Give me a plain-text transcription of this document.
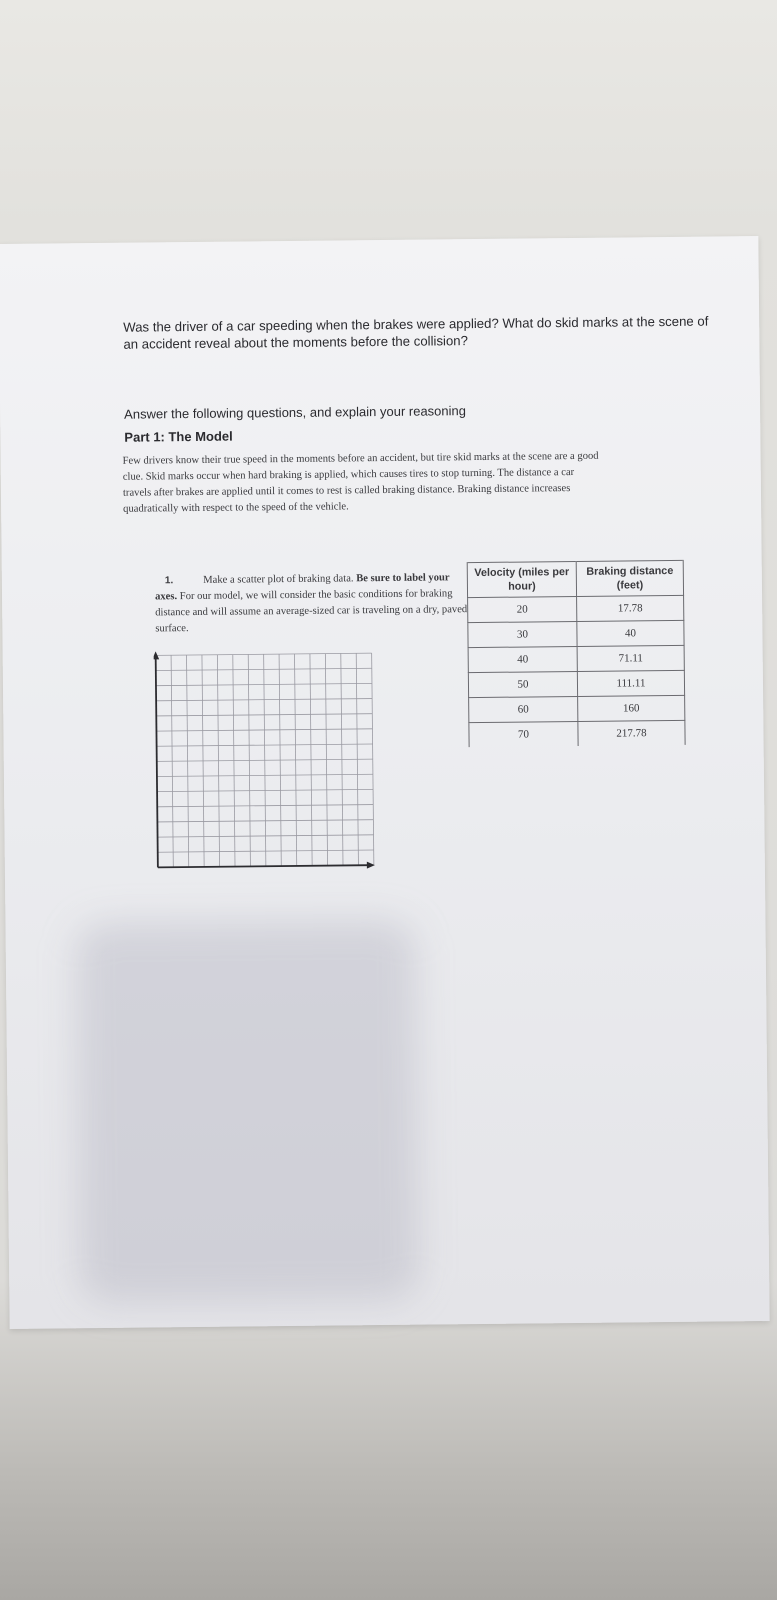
Was the driver of a car speeding when the brakes were applied? What do skid marks at the scene of an accident reveal about the moments before the collision?
Answer the following questions, and explain your reasoning
Part 1: The Model
Few drivers know their true speed in the moments before an accident, but tire skid marks at the scene are a good clue. Skid marks occur when hard braking is applied, which causes tires to stop turning. The distance a car travels after brakes are applied until it comes to rest is called braking distance. Braking distance increases quadratically with respect to the speed of the vehicle.
1.	Make a scatter plot of braking data. Be sure to label your axes. For our model, we will consider the basic conditions for braking distance and will assume an average-sized car is traveling on a dry, paved surface.
Velocity (miles per hour)	Braking distance (feet)
20	17.78
30	40
40	71.11
50	111.11
60	160
70	217.78
